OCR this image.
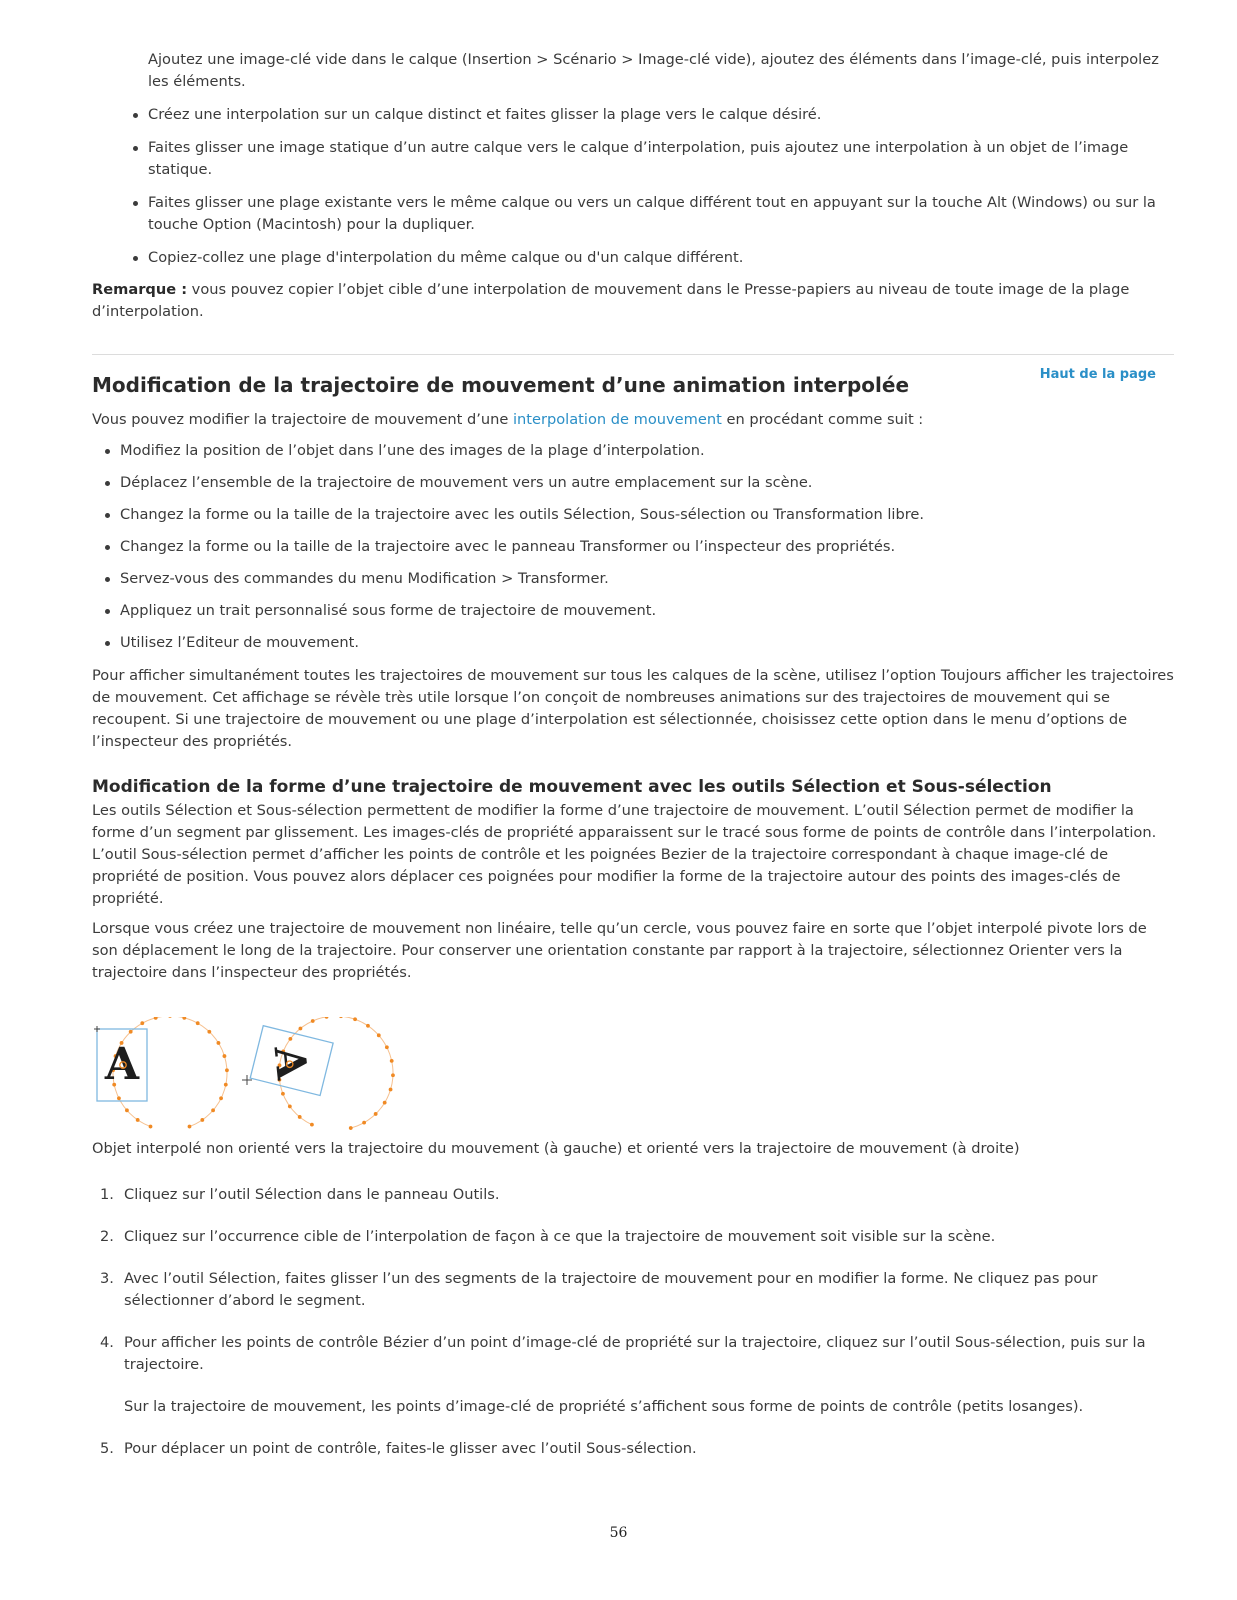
Ajoutez une image-clé vide dans le calque (Insertion > Scénario > Image-clé vide), ajoutez des éléments dans l’image-clé, puis interpolez les éléments.

Créez une interpolation sur un calque distinct et faites glisser la plage vers le calque désiré.
Faites glisser une image statique d’un autre calque vers le calque d’interpolation, puis ajoutez une interpolation à un objet de l’image statique.
Faites glisser une plage existante vers le même calque ou vers un calque différent tout en appuyant sur la touche Alt (Windows) ou sur la touche Option (Macintosh) pour la dupliquer.
Copiez-collez une plage d'interpolation du même calque ou d'un calque différent.

Remarque : vous pouvez copier l’objet cible d’une interpolation de mouvement dans le Presse-papiers au niveau de toute image de la plage d’interpolation.

Haut de la page
Modification de la trajectoire de mouvement d’une animation interpolée

Vous pouvez modifier la trajectoire de mouvement d’une interpolation de mouvement en procédant comme suit :

Modifiez la position de l’objet dans l’une des images de la plage d’interpolation.
Déplacez l’ensemble de la trajectoire de mouvement vers un autre emplacement sur la scène.
Changez la forme ou la taille de la trajectoire avec les outils Sélection, Sous-sélection ou Transformation libre.
Changez la forme ou la taille de la trajectoire avec le panneau Transformer ou l’inspecteur des propriétés.
Servez-vous des commandes du menu Modification > Transformer.
Appliquez un trait personnalisé sous forme de trajectoire de mouvement.
Utilisez l’Editeur de mouvement.

Pour afficher simultanément toutes les trajectoires de mouvement sur tous les calques de la scène, utilisez l’option Toujours afficher les trajectoires de mouvement. Cet affichage se révèle très utile lorsque l’on conçoit de nombreuses animations sur des trajectoires de mouvement qui se recoupent. Si une trajectoire de mouvement ou une plage d’interpolation est sélectionnée, choisissez cette option dans le menu d’options de l’inspecteur des propriétés.

Modification de la forme d’une trajectoire de mouvement avec les outils Sélection et Sous-sélection

Les outils Sélection et Sous-sélection permettent de modifier la forme d’une trajectoire de mouvement. L’outil Sélection permet de modifier la forme d’un segment par glissement. Les images-clés de propriété apparaissent sur le tracé sous forme de points de contrôle dans l’interpolation. L’outil Sous-sélection permet d’afficher les points de contrôle et les poignées Bezier de la trajectoire correspondant à chaque image-clé de propriété de position. Vous pouvez alors déplacer ces poignées pour modifier la forme de la trajectoire autour des points des images-clés de propriété.

Lorsque vous créez une trajectoire de mouvement non linéaire, telle qu’un cercle, vous pouvez faire en sorte que l’objet interpolé pivote lors de son déplacement le long de la trajectoire. Pour conserver une orientation constante par rapport à la trajectoire, sélectionnez Orienter vers la trajectoire dans l’inspecteur des propriétés.

A	A

Objet interpolé non orienté vers la trajectoire du mouvement (à gauche) et orienté vers la trajectoire de mouvement (à droite)

1. Cliquez sur l’outil Sélection dans le panneau Outils.
2. Cliquez sur l’occurrence cible de l’interpolation de façon à ce que la trajectoire de mouvement soit visible sur la scène.
3. Avec l’outil Sélection, faites glisser l’un des segments de la trajectoire de mouvement pour en modifier la forme. Ne cliquez pas pour sélectionner d’abord le segment.
4. Pour afficher les points de contrôle Bézier d’un point d’image-clé de propriété sur la trajectoire, cliquez sur l’outil Sous-sélection, puis sur la trajectoire.

Sur la trajectoire de mouvement, les points d’image-clé de propriété s’affichent sous forme de points de contrôle (petits losanges).

5. Pour déplacer un point de contrôle, faites-le glisser avec l’outil Sous-sélection.
56
